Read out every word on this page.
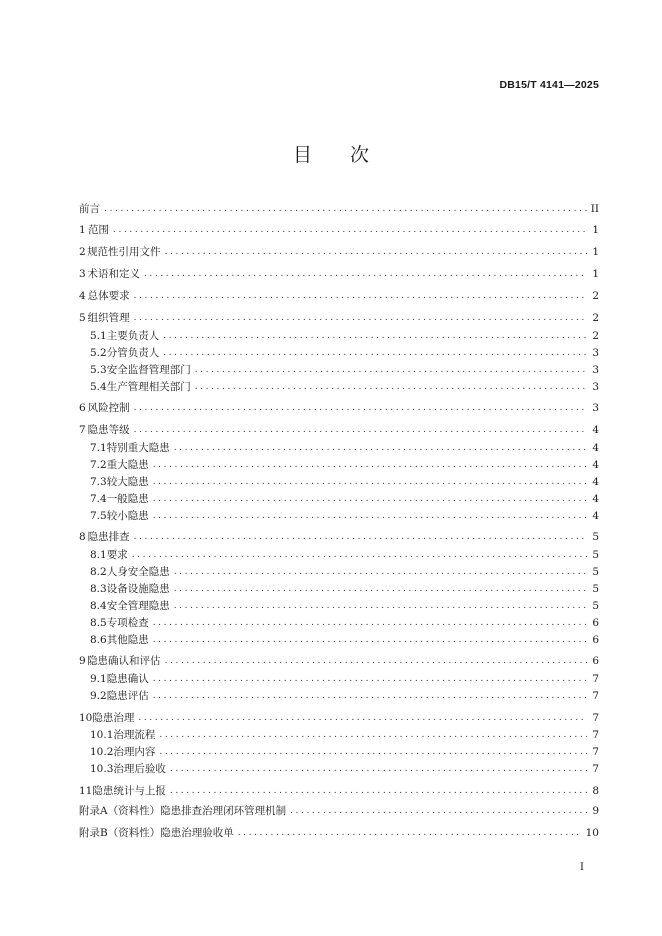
DB15/T 4141—2025
目 次
前言 .....	II
1 范围 .....	1
2 规范性引用文件 .....	1
3 术语和定义 .....	1
4 总体要求 .....	2
5 组织管理 .....	2
5.1 主要负责人 .....	2
5.2 分管负责人 .....	3
5.3 安全监督管理部门 .....	3
5.4 生产管理相关部门 .....	3
6 风险控制 .....	3
7 隐患等级 .....	4
7.1 特别重大隐患 .....	4
7.2 重大隐患 .....	4
7.3 较大隐患 .....	4
7.4 一般隐患 .....	4
7.5 较小隐患 .....	4
8 隐患排查 .....	5
8.1 要求 .....	5
8.2 人身安全隐患 .....	5
8.3 设备设施隐患 .....	5
8.4 安全管理隐患 .....	5
8.5 专项检查 .....	6
8.6 其他隐患 .....	6
9 隐患确认和评估 .....	6
9.1 隐患确认 .....	7
9.2 隐患评估 .....	7
10 隐患治理 .....	7
10.1 治理流程 .....	7
10.2 治理内容 .....	7
10.3 治理后验收 .....	7
11 隐患统计与上报 .....	8
附录A（资料性） 隐患排查治理闭环管理机制 .....	9
附录B（资料性） 隐患治理验收单 .....	10
I
